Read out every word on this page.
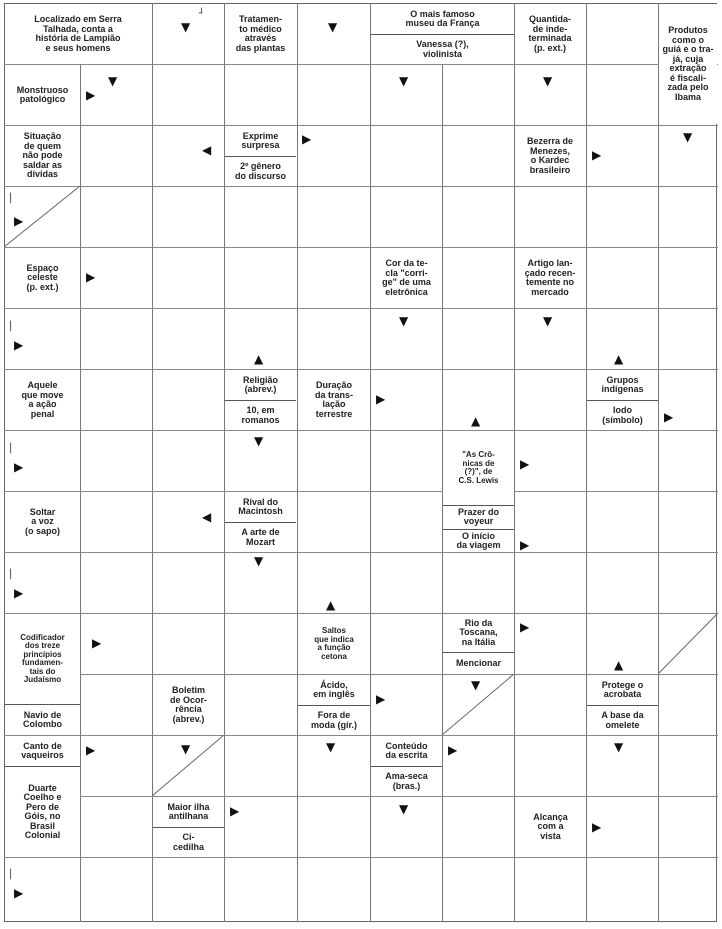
Localizado em Serra
Talhada, conta a
história de Lampião
e seus homens
▼
┘	Tratamen-
to médico
através
das plantas
▼
O mais famoso
museu da França
Vanessa (?),
violinista
Quantida-
de inde-
terminada
(p. ext.)
Produtos
como o
guiá e o tra-
já, cuja
extração
é fiscali-
zada pelo
Ibama
▼
Monstruoso
patológico	▶
▼	▼	▼
Situação
de quem
não pode
saldar as
dívidas
◀
Exprime
surpresa
2º gênero
do discurso
▶	Bezerra de
Menezes,
o Kardec
brasileiro
▶
│
▶
Espaço
celeste
(p. ext.)
▶
Cor da te-
cla "corri-
ge" de uma
eletrônica
Artigo lan-
çado recen-
temente no
mercado
│
▶
▼	▼
▲	▲
Aquele
que move
a ação
penal
Religião
(abrev.)
10, em
romanos
Duração
da trans-
lação
terrestre
▶
▲
Grupos
indígenas
Iodo
(símbolo)	▶
│
▶
▼
"As Crô-
nicas de
(?)", de
C.S. Lewis
▶
Soltar
a voz
(o sapo)
◀
Rival do
Macintosh
A arte de
Mozart
Prazer do
voyeur
O início
da viagem	▶
▼
│
▶
▲
Codificador
dos treze
princípios
fundamen-
tais do
Judaísmo
▶
Saltos
que indica
a função
cetona
Rio da
Toscana,
na Itália
Mencionar
▶
▲
Navio de
Colombo
Boletim
de Ocor-
rência
(abrev.)
Ácido,
em inglês
Fora de
moda (gír.)
▶
▼	Protege o
acrobata
A base da
omelete
Canto de
vaqueiros	▶	▼	▼	Conteúdo
da escrita
Ama-seca
(bras.)
▶	▼
Duarte
Coelho e
Pero de
Góis, no
Brasil
Colonial
Maior ilha
antilhana
Ci-
cedilha
▶	▼
Alcança
com a
vista
▶
│
▶
